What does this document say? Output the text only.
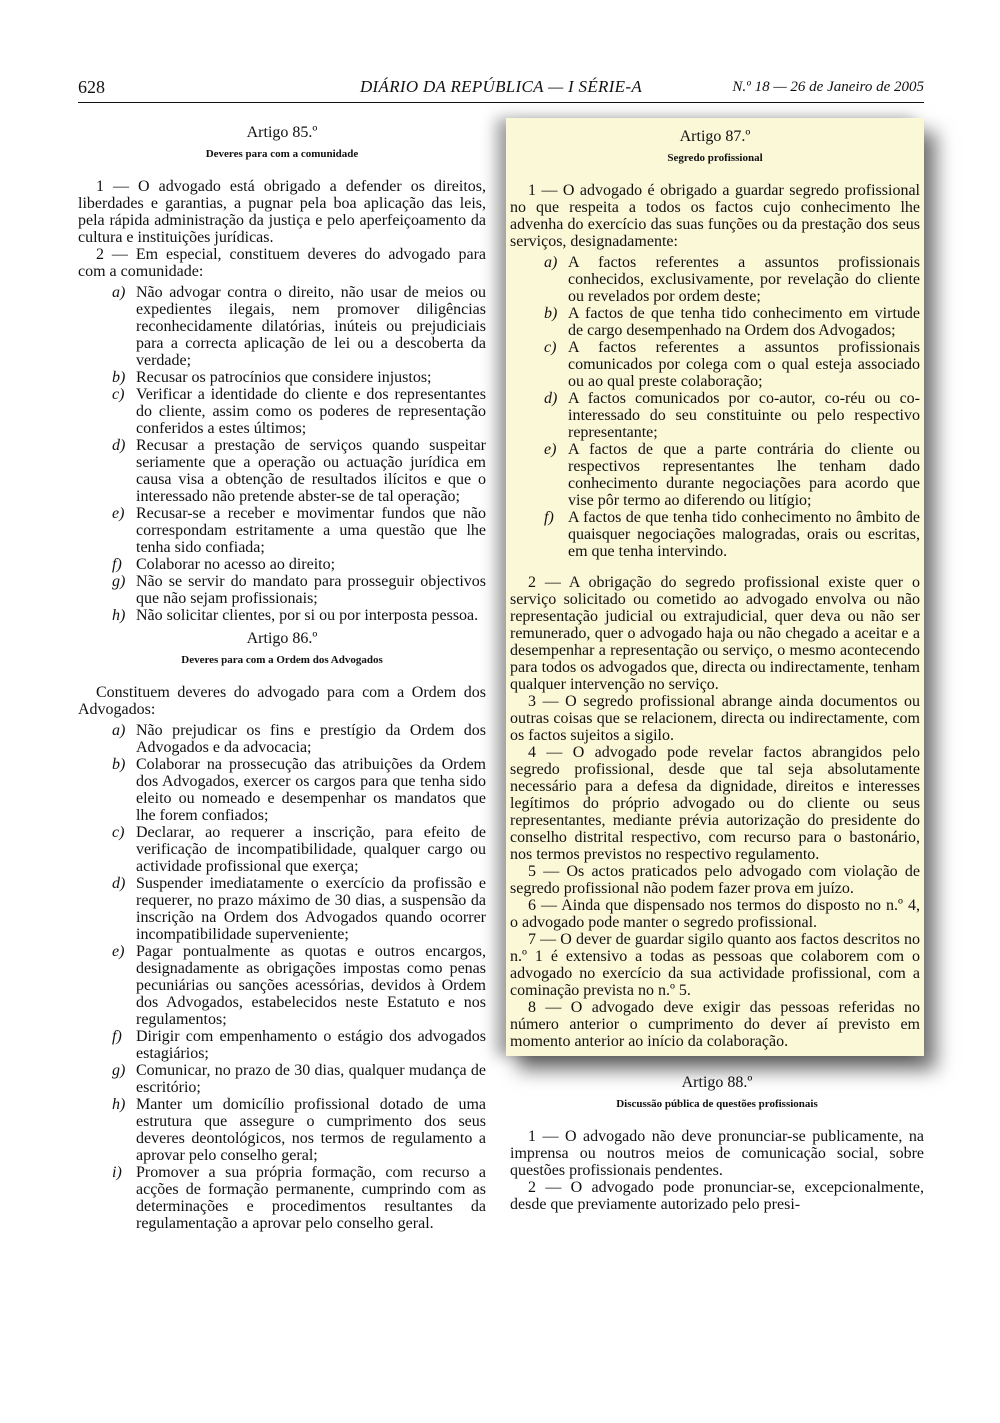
628	DIÁRIO DA REPÚBLICA — I SÉRIE-A	N.º 18 — 26 de Janeiro de 2005
Artigo 85.º
Deveres para com a comunidade

1 — O advogado está obrigado a defender os direitos, liberdades e garantias, a pugnar pela boa aplicação das leis, pela rápida administração da justiça e pelo aperfeiçoamento da cultura e instituições jurídicas.

2 — Em especial, constituem deveres do advogado para com a comunidade:

a) Não advogar contra o direito, não usar de meios ou expedientes ilegais, nem promover diligências reconhecidamente dilatórias, inúteis ou prejudiciais para a correcta aplicação de lei ou a descoberta da verdade;
b) Recusar os patrocínios que considere injustos;
c) Verificar a identidade do cliente e dos representantes do cliente, assim como os poderes de representação conferidos a estes últimos;
d) Recusar a prestação de serviços quando suspeitar seriamente que a operação ou actuação jurídica em causa visa a obtenção de resultados ilícitos e que o interessado não pretende abster-se de tal operação;
e) Recusar-se a receber e movimentar fundos que não correspondam estritamente a uma questão que lhe tenha sido confiada;
f) Colaborar no acesso ao direito;
g) Não se servir do mandato para prosseguir objectivos que não sejam profissionais;
h) Não solicitar clientes, por si ou por interposta pessoa.
Artigo 86.º
Deveres para com a Ordem dos Advogados

Constituem deveres do advogado para com a Ordem dos Advogados:

a) Não prejudicar os fins e prestígio da Ordem dos Advogados e da advocacia;
b) Colaborar na prossecução das atribuições da Ordem dos Advogados, exercer os cargos para que tenha sido eleito ou nomeado e desempenhar os mandatos que lhe forem confiados;
c) Declarar, ao requerer a inscrição, para efeito de verificação de incompatibilidade, qualquer cargo ou actividade profissional que exerça;
d) Suspender imediatamente o exercício da profissão e requerer, no prazo máximo de 30 dias, a suspensão da inscrição na Ordem dos Advogados quando ocorrer incompatibilidade superveniente;
e) Pagar pontualmente as quotas e outros encargos, designadamente as obrigações impostas como penas pecuniárias ou sanções acessórias, devidos à Ordem dos Advogados, estabelecidos neste Estatuto e nos regulamentos;
f) Dirigir com empenhamento o estágio dos advogados estagiários;
g) Comunicar, no prazo de 30 dias, qualquer mudança de escritório;
h) Manter um domicílio profissional dotado de uma estrutura que assegure o cumprimento dos seus deveres deontológicos, nos termos de regulamento a aprovar pelo conselho geral;
i) Promover a sua própria formação, com recurso a acções de formação permanente, cumprindo com as determinações e procedimentos resultantes da regulamentação a aprovar pelo conselho geral.
Artigo 87.º
Segredo profissional

1 — O advogado é obrigado a guardar segredo profissional no que respeita a todos os factos cujo conhecimento lhe advenha do exercício das suas funções ou da prestação dos seus serviços, designadamente:

a) A factos referentes a assuntos profissionais conhecidos, exclusivamente, por revelação do cliente ou revelados por ordem deste;
b) A factos de que tenha tido conhecimento em virtude de cargo desempenhado na Ordem dos Advogados;
c) A factos referentes a assuntos profissionais comunicados por colega com o qual esteja associado ou ao qual preste colaboração;
d) A factos comunicados por co-autor, co-réu ou co-interessado do seu constituinte ou pelo respectivo representante;
e) A factos de que a parte contrária do cliente ou respectivos representantes lhe tenham dado conhecimento durante negociações para acordo que vise pôr termo ao diferendo ou litígio;
f) A factos de que tenha tido conhecimento no âmbito de quaisquer negociações malogradas, orais ou escritas, em que tenha intervindo.

2 — A obrigação do segredo profissional existe quer o serviço solicitado ou cometido ao advogado envolva ou não representação judicial ou extrajudicial, quer deva ou não ser remunerado, quer o advogado haja ou não chegado a aceitar e a desempenhar a representação ou serviço, o mesmo acontecendo para todos os advogados que, directa ou indirectamente, tenham qualquer intervenção no serviço.

3 — O segredo profissional abrange ainda documentos ou outras coisas que se relacionem, directa ou indirectamente, com os factos sujeitos a sigilo.

4 — O advogado pode revelar factos abrangidos pelo segredo profissional, desde que tal seja absolutamente necessário para a defesa da dignidade, direitos e interesses legítimos do próprio advogado ou do cliente ou seus representantes, mediante prévia autorização do presidente do conselho distrital respectivo, com recurso para o bastonário, nos termos previstos no respectivo regulamento.

5 — Os actos praticados pelo advogado com violação de segredo profissional não podem fazer prova em juízo.

6 — Ainda que dispensado nos termos do disposto no n.º 4, o advogado pode manter o segredo profissional.

7 — O dever de guardar sigilo quanto aos factos descritos no n.º 1 é extensivo a todas as pessoas que colaborem com o advogado no exercício da sua actividade profissional, com a cominação prevista no n.º 5.

8 — O advogado deve exigir das pessoas referidas no número anterior o cumprimento do dever aí previsto em momento anterior ao início da colaboração.

Artigo 88.º
Discussão pública de questões profissionais

1 — O advogado não deve pronunciar-se publicamente, na imprensa ou noutros meios de comunicação social, sobre questões profissionais pendentes.

2 — O advogado pode pronunciar-se, excepcionalmente, desde que previamente autorizado pelo presi-
